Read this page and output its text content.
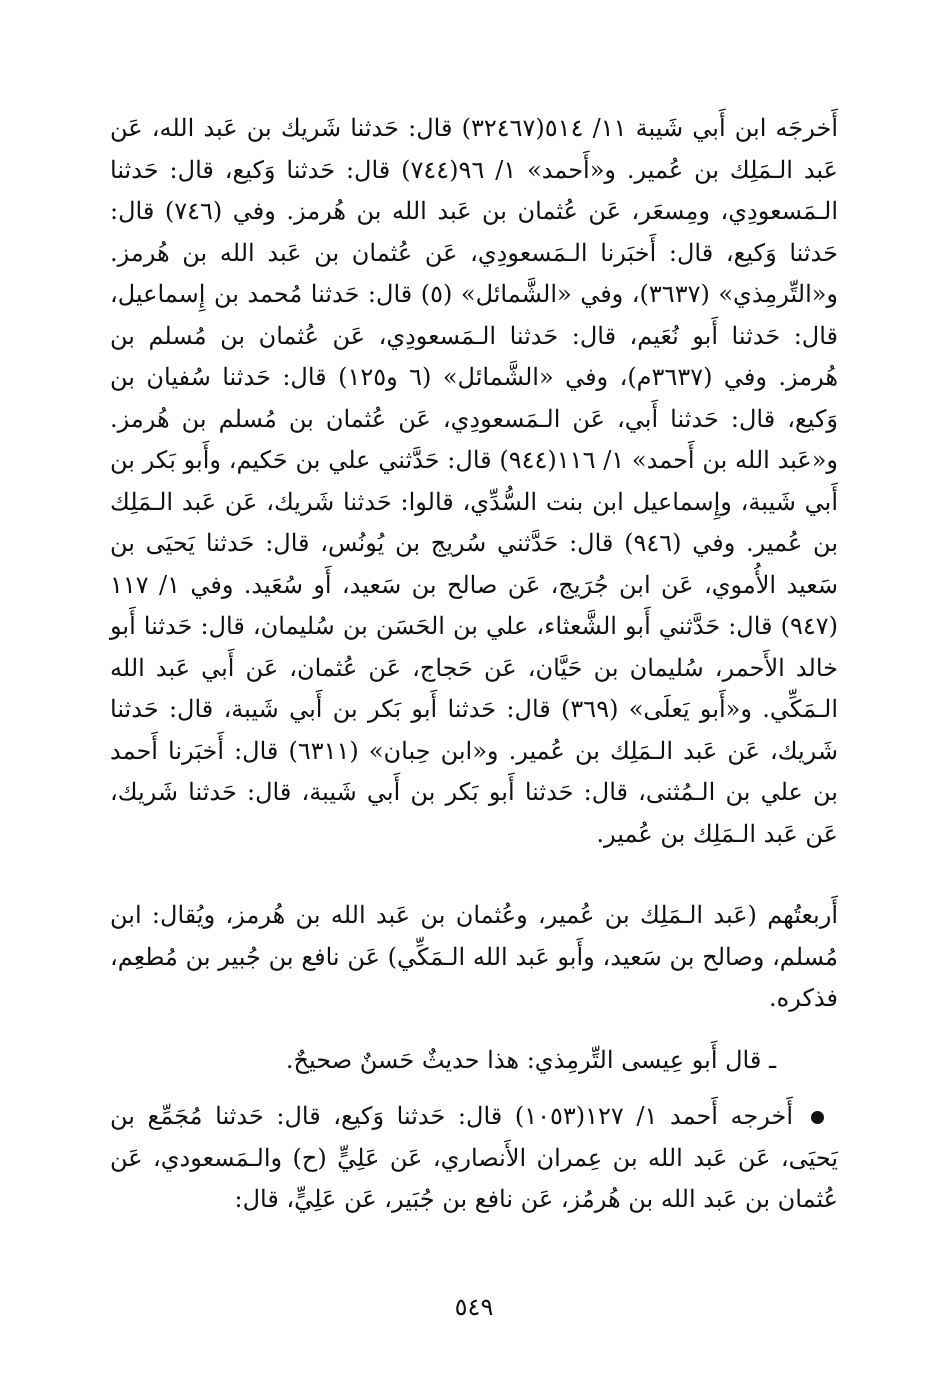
أَخرجَه ابن أَبي شَيبة ١١/ ٥١٤(٣٢٤٦٧) قال: حَدثنا شَريك بن عَبد الله، عَن عَبد الـمَلِك بن عُمير. و«أَحمد» ١/ ٩٦(٧٤٤) قال: حَدثنا وَكيع، قال: حَدثنا الـمَسعودِي، ومِسعَر، عَن عُثمان بن عَبد الله بن هُرمز. وفي (٧٤٦) قال: حَدثنا وَكيع، قال: أَخبَرنا الـمَسعودِي، عَن عُثمان بن عَبد الله بن هُرمز. و«التِّرمِذي» (٣٦٣٧)، وفي «الشَّمائل» (٥) قال: حَدثنا مُحمد بن إِسماعيل، قال: حَدثنا أَبو نُعَيم، قال: حَدثنا الـمَسعودِي، عَن عُثمان بن مُسلم بن هُرمز. وفي (٣٦٣٧م)، وفي «الشَّمائل» (٦ و١٢٥) قال: حَدثنا سُفيان بن وَكيع، قال: حَدثنا أَبي، عَن الـمَسعودِي، عَن عُثمان بن مُسلم بن هُرمز. و«عَبد الله بن أَحمد» ١/ ١١٦(٩٤٤) قال: حَدَّثني علي بن حَكيم، وأَبو بَكر بن أَبي شَيبة، وإِسماعيل ابن بنت السُّدِّي، قالوا: حَدثنا شَريك، عَن عَبد الـمَلِك بن عُمير. وفي (٩٤٦) قال: حَدَّثني سُريج بن يُونُس، قال: حَدثنا يَحيَى بن سَعيد الأُموي، عَن ابن جُرَيج، عَن صالح بن سَعيد، أَو سُعَيد. وفي ١/ ١١٧ (٩٤٧) قال: حَدَّثني أَبو الشَّعثاء، علي بن الحَسَن بن سُليمان، قال: حَدثنا أَبو خالد الأَحمر، سُليمان بن حَيَّان، عَن حَجاج، عَن عُثمان، عَن أَبي عَبد الله الـمَكِّي. و«أَبو يَعلَى» (٣٦٩) قال: حَدثنا أَبو بَكر بن أَبي شَيبة، قال: حَدثنا شَريك، عَن عَبد الـمَلِك بن عُمير. و«ابن حِبان» (٦٣١١) قال: أَخبَرنا أَحمد بن علي بن الـمُثنى، قال: حَدثنا أَبو بَكر بن أَبي شَيبة، قال: حَدثنا شَريك، عَن عَبد الـمَلِك بن عُمير.

أَربعتُهم (عَبد الـمَلِك بن عُمير، وعُثمان بن عَبد الله بن هُرمز، ويُقال: ابن مُسلم، وصالح بن سَعيد، وأَبو عَبد الله الـمَكِّي) عَن نافع بن جُبير بن مُطعِم، فذكره.

ـ قال أَبو عِيسى التِّرمِذي: هذا حديثٌ حَسنٌ صحيحٌ.

أَخرجه أَحمد ١/ ١٢٧(١٠٥٣) قال: حَدثنا وَكيع، قال: حَدثنا مُجَمِّع بن يَحيَى، عَن عَبد الله بن عِمران الأَنصاري، عَن عَلِيٍّ (ح) والـمَسعودي، عَن عُثمان بن عَبد الله بن هُرمُز، عَن نافع بن جُبَير، عَن عَلِيٍّ، قال:

٥٤٩
